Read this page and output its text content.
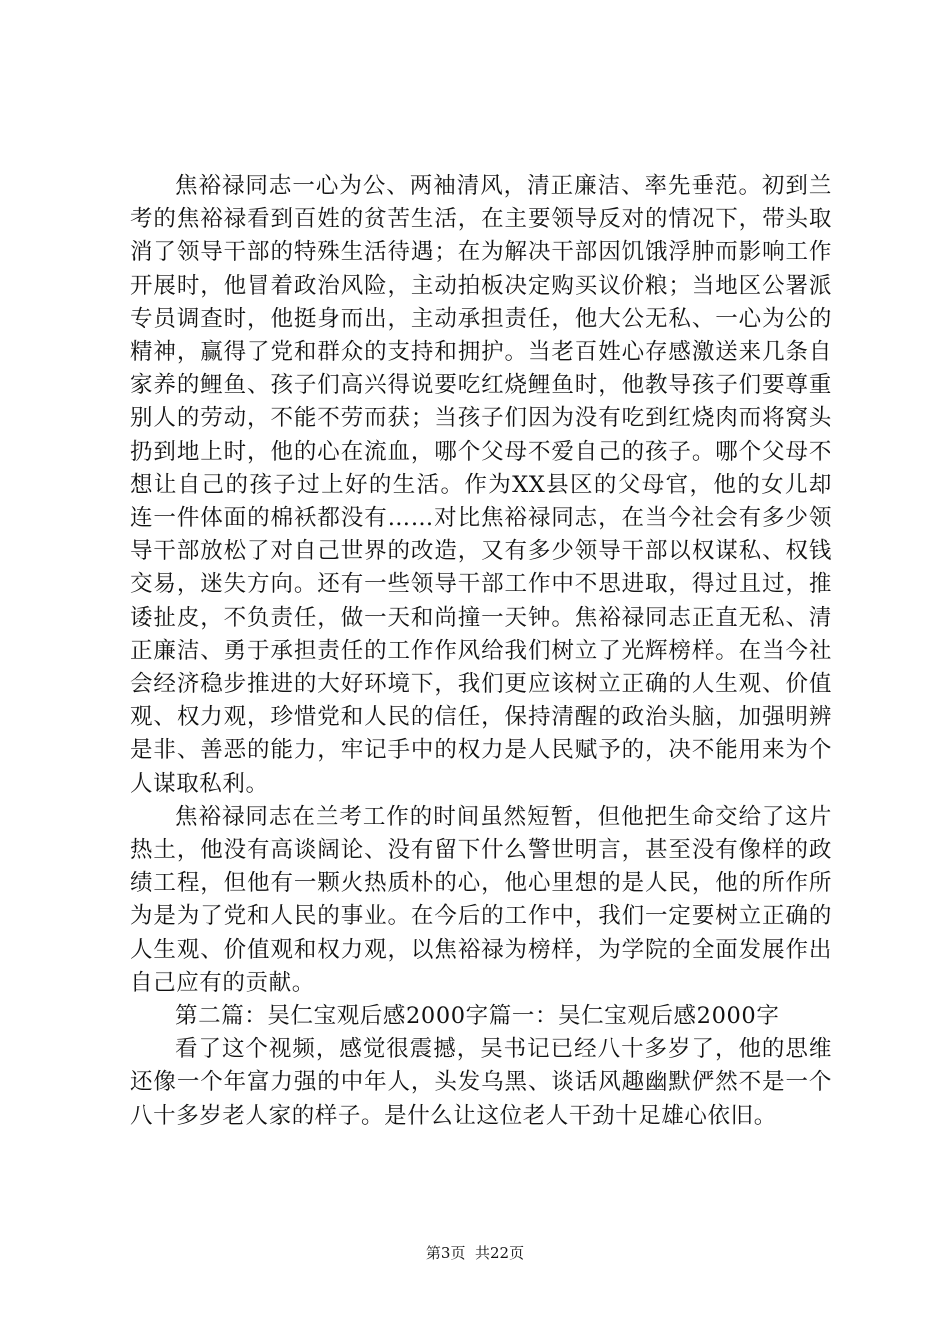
焦裕禄同志一心为公、两袖清风，清正廉洁、率先垂范。初到兰考的焦裕禄看到百姓的贫苦生活，在主要领导反对的情况下，带头取消了领导干部的特殊生活待遇；在为解决干部因饥饿浮肿而影响工作开展时，他冒着政治风险，主动拍板决定购买议价粮；当地区公署派专员调查时，他挺身而出，主动承担责任，他大公无私、一心为公的精神，赢得了党和群众的支持和拥护。当老百姓心存感激送来几条自家养的鲤鱼、孩子们高兴得说要吃红烧鲤鱼时，他教导孩子们要尊重别人的劳动，不能不劳而获；当孩子们因为没有吃到红烧肉而将窝头扔到地上时，他的心在流血，哪个父母不爱自己的孩子。哪个父母不想让自己的孩子过上好的生活。作为XX县区的父母官，他的女儿却连一件体面的棉袄都没有……对比焦裕禄同志，在当今社会有多少领导干部放松了对自己世界的改造，又有多少领导干部以权谋私、权钱交易，迷失方向。还有一些领导干部工作中不思进取，得过且过，推诿扯皮，不负责任，做一天和尚撞一天钟。焦裕禄同志正直无私、清正廉洁、勇于承担责任的工作作风给我们树立了光辉榜样。在当今社会经济稳步推进的大好环境下，我们更应该树立正确的人生观、价值观、权力观，珍惜党和人民的信任，保持清醒的政治头脑，加强明辨是非、善恶的能力，牢记手中的权力是人民赋予的，决不能用来为个人谋取私利。

焦裕禄同志在兰考工作的时间虽然短暂，但他把生命交给了这片热土，他没有高谈阔论、没有留下什么警世明言，甚至没有像样的政绩工程，但他有一颗火热质朴的心，他心里想的是人民，他的所作所为是为了党和人民的事业。在今后的工作中，我们一定要树立正确的人生观、价值观和权力观，以焦裕禄为榜样，为学院的全面发展作出自己应有的贡献。

第二篇：吴仁宝观后感2000字篇一：吴仁宝观后感2000字

看了这个视频，感觉很震撼，吴书记已经八十多岁了，他的思维还像一个年富力强的中年人，头发乌黑、谈话风趣幽默俨然不是一个八十多岁老人家的样子。是什么让这位老人干劲十足雄心依旧。

第3页  共22页
